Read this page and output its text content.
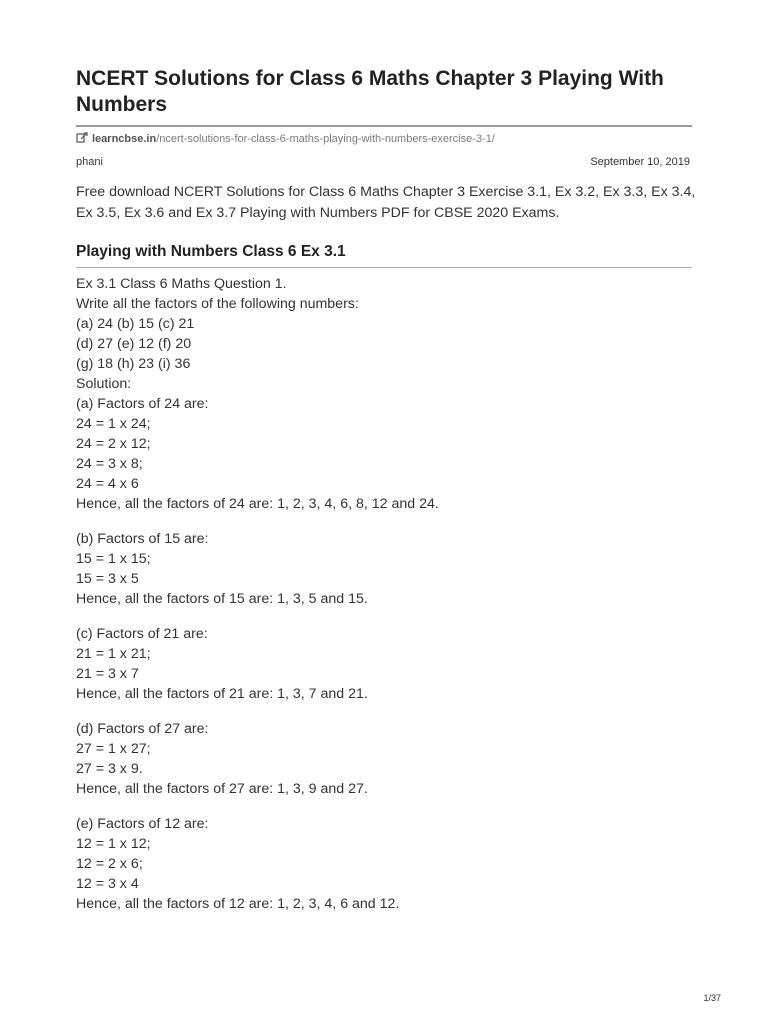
NCERT Solutions for Class 6 Maths Chapter 3 Playing With Numbers
learncbse.in/ncert-solutions-for-class-6-maths-playing-with-numbers-exercise-3-1/
phani	September 10, 2019

Free download NCERT Solutions for Class 6 Maths Chapter 3 Exercise 3.1, Ex 3.2, Ex 3.3, Ex 3.4, Ex 3.5, Ex 3.6 and Ex 3.7 Playing with Numbers PDF for CBSE 2020 Exams.

Playing with Numbers Class 6 Ex 3.1

Ex 3.1 Class 6 Maths Question 1.

Write all the factors of the following numbers:

(a) 24 (b) 15 (c) 21

(d) 27 (e) 12 (f) 20

(g) 18 (h) 23 (i) 36

Solution:

(a) Factors of 24 are:

24 = 1 x 24;

24 = 2 x 12;

24 = 3 x 8;

24 = 4 x 6

Hence, all the factors of 24 are: 1, 2, 3, 4, 6, 8, 12 and 24.

(b) Factors of 15 are:

15 = 1 x 15;

15 = 3 x 5

Hence, all the factors of 15 are: 1, 3, 5 and 15.

(c) Factors of 21 are:

21 = 1 x 21;

21 = 3 x 7

Hence, all the factors of 21 are: 1, 3, 7 and 21.

(d) Factors of 27 are:

27 = 1 x 27;

27 = 3 x 9.

Hence, all the factors of 27 are: 1, 3, 9 and 27.

(e) Factors of 12 are:

12 = 1 x 12;

12 = 2 x 6;

12 = 3 x 4

Hence, all the factors of 12 are: 1, 2, 3, 4, 6 and 12.

1/37
